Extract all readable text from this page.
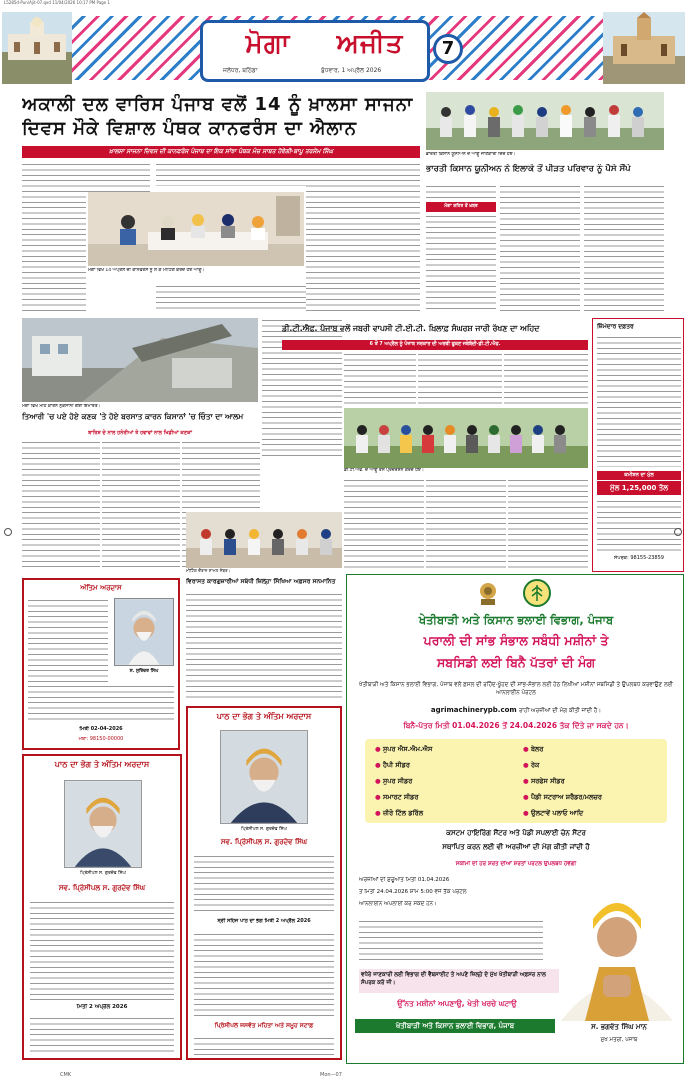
L5285d-Pun/Ajit-07.qxd 11/04/2026 10:17 PM Page 1
ਮੋਗਾ	ਅਜੀਤ
ਜਲੰਧਰ, ਬਠਿੰਡਾ	ਬੁੱਧਵਾਰ, 1 ਅਪ੍ਰੈਲ 2026
7
ਅਕਾਲੀ ਦਲ ਵਾਰਿਸ ਪੰਜਾਬ ਵਲੋਂ 14 ਨੂੰ ਖ਼ਾਲਸਾ ਸਾਜਨਾ
ਦਿਵਸ ਮੌਕੇ ਵਿਸ਼ਾਲ ਪੰਥਕ ਕਾਨਫਰੰਸ ਦਾ ਐਲਾਨ
ਖ਼ਾਲਸਾ ਸਾਜਨਾ ਦਿਵਸ ਦੀ ਕਾਨਫਰੰਸ ਪੰਜਾਬ ਦਾ ਇਕ ਸਾਂਝਾ ਪੰਥਕ ਮੰਚ ਸਾਬਤ ਹੋਵੇਗੀ-ਬਾਪੂ ਤਰਸੇਮ ਸਿੰਘ
ਮੋਗਾ ਵਿਖੇ 14 ਅਪ੍ਰੈਲ ਦੀ ਕਾਨਫਰੰਸ ਨੂੰ ਲੈ ਕੇ ਮੀਟਿੰਗ ਕਰਦੇ ਹੋਏ ਆਗੂ।
ਭਾਰਤੀ ਕਿਸਾਨ ਯੂਨੀਅਨ ਦੇ ਆਗੂ ਜਾਣਕਾਰੀ ਦਿੰਦੇ ਹੋਏ।
ਭਾਰਤੀ ਕਿਸਾਨ ਯੂਨੀਅਨ ਨੇ ਇਲਾਕੇ ਤੋਂ ਪੀੜਤ ਪਰਿਵਾਰ ਨੂੰ ਪੈਸੇ ਸੌਂਪੇ
ਮੋਗਾ ਸ਼ਹਿਰ ਤੋਂ ਖ਼ਬਰ
ਮੋਗਾ ਵਿਖੇ ਮੀਂਹ ਕਾਰਨ ਨੁਕਸਾਨੀ ਗਈ ਇਮਾਰਤ।
ਤਿਆਰੀ 'ਚ ਪਏ ਹੋਏ ਕਣਕ 'ਤੇ ਹੋਏ ਬਰਸਾਤ ਕਾਰਨ ਕਿਸਾਨਾਂ 'ਚ ਚਿੰਤਾ ਦਾ ਆਲਮ
ਬਾਰਿਸ਼ ਦੇ ਨਾਲ ਹਨੇਰੀਆਂ ਤੇ ਹਵਾਵਾਂ ਨਾਲ ਖਿਡੀਆਂ ਕਣਕਾਂ
ਡੀ.ਟੀ.ਐਫ. ਪੰਜਾਬ ਵਲੋਂ ਜਬਰੀ ਵਾਪਸੀ ਟੀ.ਈ.ਟੀ. ਖ਼ਿਲਾਫ਼ ਸੰਘਰਸ਼ ਜਾਰੀ ਰੱਖਣ ਦਾ ਅਹਿਦ
6 ਤੋਂ 7 ਅਪ੍ਰੈਲ ਨੂੰ ਪੰਜਾਬ ਸਰਕਾਰ ਦੀ ਅਰਥੀ ਫੂਕਣ ਜਥੇਬੰਦੀ-ਡੀ.ਟੀ.ਐਫ.
ਡੀ.ਟੀ.ਐਫ. ਦੇ ਆਗੂ ਰੋਸ ਪ੍ਰਦਰਸ਼ਨ ਕਰਦੇ ਹੋਏ।
ਜ਼ਿੰਮੇਦਾਰ ਦਫ਼ਤਰ
ਕਮੀਸ਼ਨ ਦਾ ਮੁੱਲ
ਮੁੱਲ 1,25,000 ਤੋਲ
ਸੰਪਰਕ: 98155-23859
ਮੀਟਿੰਗ ਦੌਰਾਨ ਸ਼ਾਮਲ ਮੈਂਬਰ।
ਅੰਤਿਮ ਅਰਦਾਸ
ਸ. ਸੁਰਿੰਦਰ ਸਿੰਘ
ਮਿਤੀ 02-04-2026
ਮੋਬਾ: 98150-00000
ਪਾਠ ਦਾ ਭੋਗ ਤੇ ਅੰਤਿਮ ਅਰਦਾਸ
ਪ੍ਰਿੰਸੀਪਲ ਸ. ਗੁਰਦੇਵ ਸਿੰਘ
ਸਵ. ਪ੍ਰਿੰਸੀਪਲ ਸ. ਗੁਰਦੇਵ ਸਿੰਘ
ਮਿਤੀ 2 ਅਪ੍ਰੈਲ 2026
ਵਿਰਾਸਤ ਕਾਰਗੁਜ਼ਾਰੀਆਂ ਸਬੰਧੀ ਜ਼ਿਲ੍ਹਾ ਸਿੱਖਿਆ ਅਫ਼ਸਰ ਸਨਮਾਨਿਤ
ਪਾਠ ਦਾ ਭੋਗ ਤੇ ਅੰਤਿਮ ਅਰਦਾਸ
ਪ੍ਰਿੰਸੀਪਲ ਸ. ਗੁਰਦੇਵ ਸਿੰਘ
ਸਵ. ਪ੍ਰਿੰਸੀਪਲ ਸ. ਗੁਰਦੇਵ ਸਿੰਘ
ਸ੍ਰੀ ਸਹਿਜ ਪਾਠ ਦਾ ਭੋਗ ਮਿਤੀ 2 ਅਪ੍ਰੈਲ 2026
ਪ੍ਰਿੰਸੀਪਲ ਜਸਵੰਤ ਮਹਿਤਾ ਅਤੇ ਸਮੂਹ ਸਟਾਫ਼
ਖੇਤੀਬਾੜੀ ਅਤੇ ਕਿਸਾਨ ਭਲਾਈ ਵਿਭਾਗ, ਪੰਜਾਬ
ਪਰਾਲੀ ਦੀ ਸਾਂਭ ਸੰਭਾਲ ਸਬੰਧੀ ਮਸ਼ੀਨਾਂ ਤੇ
ਸਬਸਿਡੀ ਲਈ ਬਿਨੈ ਪੱਤਰਾਂ ਦੀ ਮੰਗ
ਖੇਤੀਬਾੜੀ ਅਤੇ ਕਿਸਾਨ ਭਲਾਈ ਵਿਭਾਗ, ਪੰਜਾਬ ਵਲੋਂ ਫ਼ਸਲ ਦੀ ਰਹਿੰਦ-ਖੂੰਹਦ ਦੀ ਸਾਂਭ-ਸੰਭਾਲ ਲਈ ਹੇਠ ਲਿਖੀਆਂ ਮਸ਼ੀਨਾਂ ਸਬਸਿਡੀ ਤੇ ਉਪਲਬਧ ਕਰਵਾਉਣ ਲਈ ਆਨਲਾਈਨ ਪੋਰਟਲ
agrimachinerypb.com ਰਾਹੀਂ ਅਰਜ਼ੀਆਂ ਦੀ ਮੰਗ ਕੀਤੀ ਜਾਂਦੀ ਹੈ।
ਬਿਨੈ-ਪੱਤਰ ਮਿਤੀ 01.04.2026 ਤੋਂ 24.04.2026 ਤੱਕ ਦਿੱਤੇ ਜਾ ਸਕਦੇ ਹਨ।
● ਸੁਪਰ ਐਸ.ਐਮ.ਐਸ	● ਬੇਲਰ
● ਹੈਪੀ ਸੀਡਰ	● ਰੇਕ
● ਸੁਪਰ ਸੀਡਰ	● ਸਰਫੇਸ ਸੀਡਰ
● ਸਮਾਰਟ ਸੀਡਰ	● ਪੈਡੀ ਸਟਰਾਅ ਸ਼ਰੈਡਰ/ਮਲਚਰ
● ਜ਼ੀਰੋ ਟਿੱਲ ਡਰਿੱਲ	● ਉਲਟਾਵੇਂ ਪਲਾਓ ਆਦਿ
ਕਸਟਮ ਹਾਇਰਿੰਗ ਸੈਂਟਰ ਅਤੇ ਪੈਡੀ ਸਪਲਾਈ ਚੇਨ ਸੈਂਟਰ
ਸਥਾਪਿਤ ਕਰਨ ਲਈ ਵੀ ਅਰਜ਼ੀਆਂ ਦੀ ਮੰਗ ਕੀਤੀ ਜਾਂਦੀ ਹੈ
ਸਕੀਮੀ ਦੀ ਹਰ ਸ਼ਰਤ ਦੀਆਂ ਸ਼ਰਤਾਂ ਪੋਰਟਲ ਉਪਲਬਧ ਹੋਵੇਗੀ
ਅਰਜ਼ੀਆਂ ਦੀ ਸ਼ੁਰੂਆਤ ਮਿਤੀ 01.04.2026
ਤੋਂ ਮਿਤੀ 24.04.2026 ਸ਼ਾਮ 5:00 ਵਜੇ ਤੱਕ ਪੋਰਟਲ
ਆਨਲਾਈਨ ਅਪਲਾਈ ਕਰ ਸਕਦੇ ਹਨ।
ਵਧੇਰੇ ਜਾਣਕਾਰੀ ਲਈ ਵਿਭਾਗ ਦੀ ਵੈਬਸਾਈਟ ਤੇ ਅਪਣੇ ਜ਼ਿਲ੍ਹੇ ਦੇ ਮੁੱਖ ਖੇਤੀਬਾੜੀ ਅਫ਼ਸਰ ਨਾਲ ਸੰਪਰਕ ਕਰੋ ਜੀ।
ਉੱਨਤ ਮਸ਼ੀਨਾਂ ਅਪਣਾਉ, ਖੇਤੀ ਖਰਚੇ ਘਟਾਉ
ਖੇਤੀਬਾੜੀ ਅਤੇ ਕਿਸਾਨ ਭਲਾਈ ਵਿਭਾਗ, ਪੰਜਾਬ	ਸ. ਭਗਵੰਤ ਸਿੰਘ ਮਾਨ
ਮੁੱਖ ਮੰਤਰੀ, ਪੰਜਾਬ
CMK	Mon—07
